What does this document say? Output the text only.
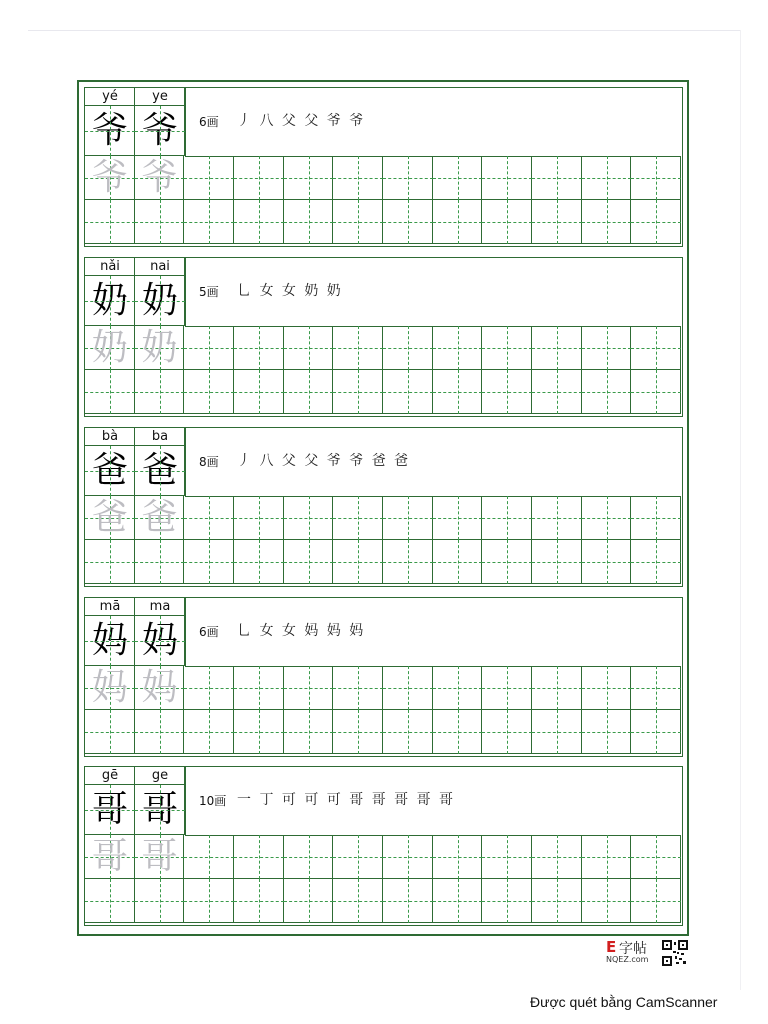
yé
爷
ye
爷	6画 丿 八 父 父 爷 爷
爷 爷
nǎi
奶
nai
奶	5画 乚 女 女 奶 奶
奶 奶
bà
爸
ba
爸	8画 丿 八 父 父 爷 爷 爸 爸
爸 爸
mā
妈
ma
妈	6画 乚 女 女 妈 妈 妈
妈 妈
gē
哥
ge
哥	10画 一 丁 可 可 可 哥 哥 哥 哥 哥
哥 哥
E 字帖
NQEZ.com
Được quét bằng CamScanner
